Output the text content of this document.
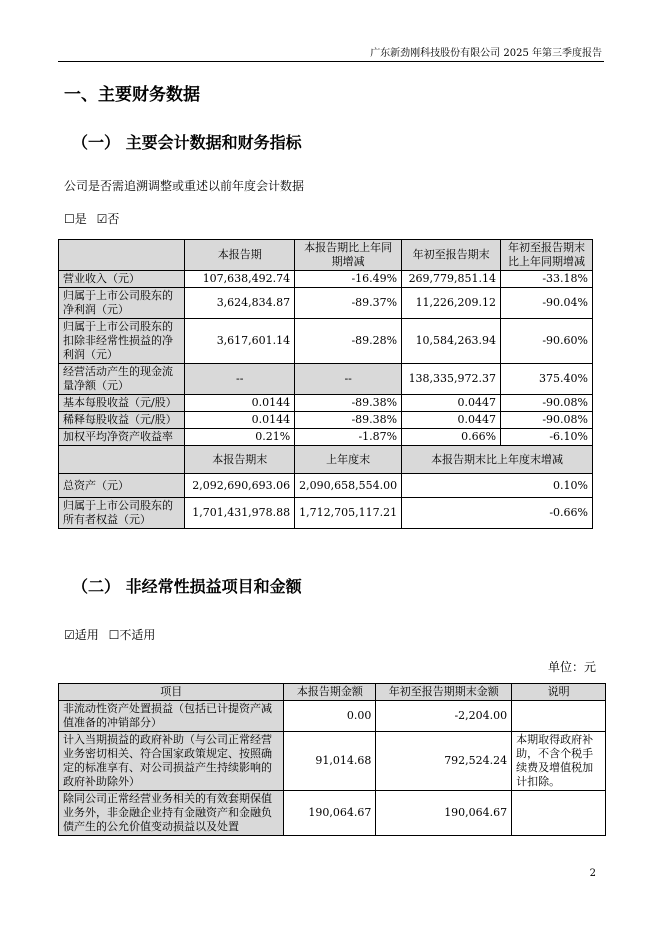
广东新劲刚科技股份有限公司 2025 年第三季度报告
一、主要财务数据
（一） 主要会计数据和财务指标
公司是否需追溯调整或重述以前年度会计数据
☐是 ☑否
	本报告期	本报告期比上年同期增减	年初至报告期末	年初至报告期末比上年同期增减
营业收入（元）	107,638,492.74	-16.49%	269,779,851.14	-33.18%
归属于上市公司股东的净利润（元）	3,624,834.87	-89.37%	11,226,209.12	-90.04%
归属于上市公司股东的扣除非经常性损益的净利润（元）	3,617,601.14	-89.28%	10,584,263.94	-90.60%
经营活动产生的现金流量净额（元）	--	--	138,335,972.37	375.40%
基本每股收益（元/股）	0.0144	-89.38%	0.0447	-90.08%
稀释每股收益（元/股）	0.0144	-89.38%	0.0447	-90.08%
加权平均净资产收益率	0.21%	-1.87%	0.66%	-6.10%
	本报告期末	上年度末	本报告期末比上年度末增减	
总资产（元）	2,092,690,693.06	2,090,658,554.00	0.10%	
归属于上市公司股东的所有者权益（元）	1,701,431,978.88	1,712,705,117.21	-0.66%	
（二） 非经常性损益项目和金额
☑适用 ☐不适用
单位：元
项目	本报告期金额	年初至报告期期末金额	说明
非流动性资产处置损益（包括已计提资产减值准备的冲销部分）	0.00	-2,204.00	
计入当期损益的政府补助（与公司正常经营业务密切相关、符合国家政策规定、按照确定的标准享有、对公司损益产生持续影响的政府补助除外）	91,014.68	792,524.24	本期取得政府补助，不含个税手续费及增值税加计扣除。
除同公司正常经营业务相关的有效套期保值业务外，非金融企业持有金融资产和金融负债产生的公允价值变动损益以及处置	190,064.67	190,064.67	
2
